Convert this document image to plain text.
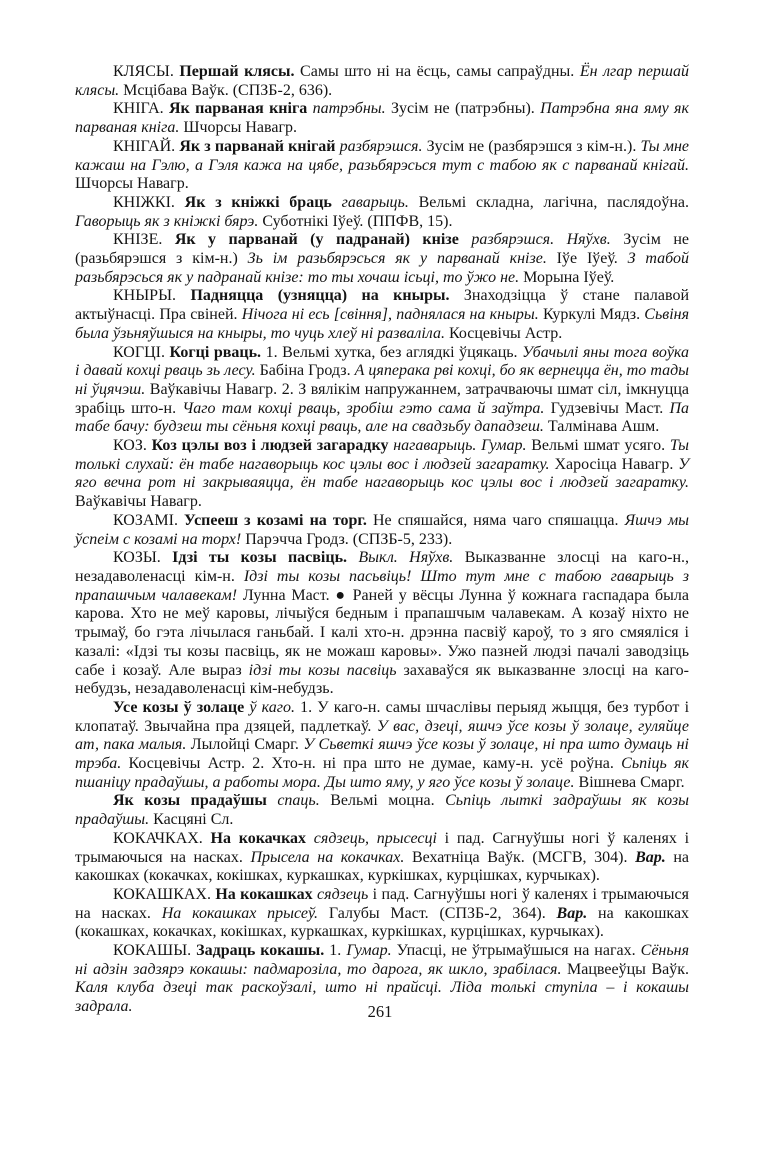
КЛЯСЫ. Першай клясы. Самы што ні на ёсць, самы сапраўдны. Ён лгар першай клясы. Мсцібава Ваўк. (СПЗБ-2, 636).

КНІГА. Як парваная кніга патрэбны. Зусім не (патрэбны). Патрэбна яна яму як парваная кніга. Шчорсы Навагр.

КНІГАЙ. Як з парванай кнігай разбярэшся. Зусім не (разбярэшся з кім-н.). Ты мне кажаш на Гэлю, а Гэля кажа на цябе, разьбярэсься тут с табою як с парванай кнігай. Шчорсы Навагр.

КНІЖКІ. Як з кніжкі браць гаварыць. Вельмі складна, лагічна, паслядоўна. Гаворыць як з кніжкі бярэ. Суботнікі Іўеў. (ППФВ, 15).

КНІЗЕ. Як у парванай (у падранай) кнізе разбярэшся. Няўхв. Зусім не (разьбярэшся з кім-н.) Зь ім разьбярэсься як у парванай кнізе. Іўе Іўеў. З табой разьбярэсься як у падранай кнізе: то ты хочаш ісьці, то ўжо не. Морына Іўеў.

КНЫРЫ. Падняцца (узняцца) на кныры. Знаходзіцца ў стане палавой актыўнасці. Пра свіней. Нічога ні есь [свіння], паднялася на кныры. Куркулі Мядз. Сьвіня была ўзьняўшыся на кныры, то чуць хлеў ні разваліла. Косцевічы Астр.

КОГЦІ. Когці рваць. 1. Вельмі хутка, без аглядкі ўцякаць. Убачылі яны тога воўка і давай кохці рваць зь лесу. Бабіна Гродз. А цяперака рві кохці, бо як вернецца ён, то тады ні ўцячэш. Ваўкавічы Навагр. 2. З вялікім напружаннем, затрачваючы шмат сіл, імкнуцца зрабіць што-н. Чаго там кохці рваць, зробіш гэто сама й заўтра. Гудзевічы Маст. Па табе бачу: будзеш ты сёньня кохці рваць, але на свадзьбу дападзеш. Талмінава Ашм.

КОЗ. Коз цэлы воз і людзей загарадку нагаварыць. Гумар. Вельмі шмат усяго. Ты толькі слухай: ён табе нагаворыць кос цэлы вос і людзей загаратку. Харосіца Навагр. У яго вечна рот ні закрываяцца, ён табе нагаворыць кос цэлы вос і людзей загаратку. Ваўкавічы Навагр.

КОЗАМІ. Успееш з козамі на торг. Не спяшайся, няма чаго спяшацца. Яшчэ мы ўспеім с козамі на торх! Парэчча Гродз. (СПЗБ-5, 233).

КОЗЫ. Ідзі ты козы пасвіць. Выкл. Няўхв. Выказванне злосці на каго-н., незадаволенасці кім-н. Ідзі ты козы пасьвіць! Што тут мне с табою гаварыць з прапашчым чалавекам! Лунна Маст. ● Раней у вёсцы Лунна ў кожнага гаспадара была карова. Хто не меў каровы, лічыўся бедным і прапашчым чалавекам. А козаў ніхто не трымаў, бо гэта лічылася ганьбай. І калі хто-н. дрэнна пасвіў кароў, то з яго смяяліся і казалі: «Ідзі ты козы пасвіць, як не можаш каровы». Ужо пазней людзі пачалі заводзіць сабе і козаў. Але выраз ідзі ты козы пасвіць захаваўся як выказванне злосці на каго-небудзь, незадаволенасці кім-небудзь.

Усе козы ў золаце ў каго. 1. У каго-н. самы шчаслівы перыяд жыцця, без турбот і клопатаў. Звычайна пра дзяцей, падлеткаў. У вас, дзеці, яшчэ ўсе козы ў золаце, гуляйце ат, пака малыя. Лылойці Смарг. У Сьветкі яшчэ ўсе козы ў золаце, ні пра што думаць ні трэба. Косцевічы Астр. 2. Хто-н. ні пра што не думае, каму-н. усё роўна. Сьпіць як пшаніцу прадаўшы, а работы мора. Ды што яму, у яго ўсе козы ў золаце. Вішнева Смарг.

Як козы прадаўшы спаць. Вельмі моцна. Сьпіць лыткі задраўшы як козы прадаўшы. Касцяні Сл.

КОКАЧКАХ. На кокачках сядзець, прысесці і пад. Сагнуўшы ногі ў каленях і трымаючыся на насках. Прысела на кокачках. Вехатніца Ваўк. (МСГВ, 304). Вар. на какошках (кокачках, кокішках, куркашках, куркішках, курцішках, курчыках).

КОКАШКАХ. На кокашках сядзець і пад. Сагнуўшы ногі ў каленях і трымаючыся на насках. На кокашках прысеў. Галубы Маст. (СПЗБ-2, 364). Вар. на какошках (кокашках, кокачках, кокішках, куркашках, куркішках, курцішках, курчыках).

КОКАШЫ. Задраць кокашы. 1. Гумар. Упасці, не ўтрымаўшыся на нагах. Сёньня ні адзін задзярэ кокашы: падмарозіла, то дарога, як шкло, зрабілася. Мацвееўцы Ваўк. Каля клуба дзеці так раскоўзалі, што ні прайсці. Ліда толькі ступіла – і кокашы задрала.	261
